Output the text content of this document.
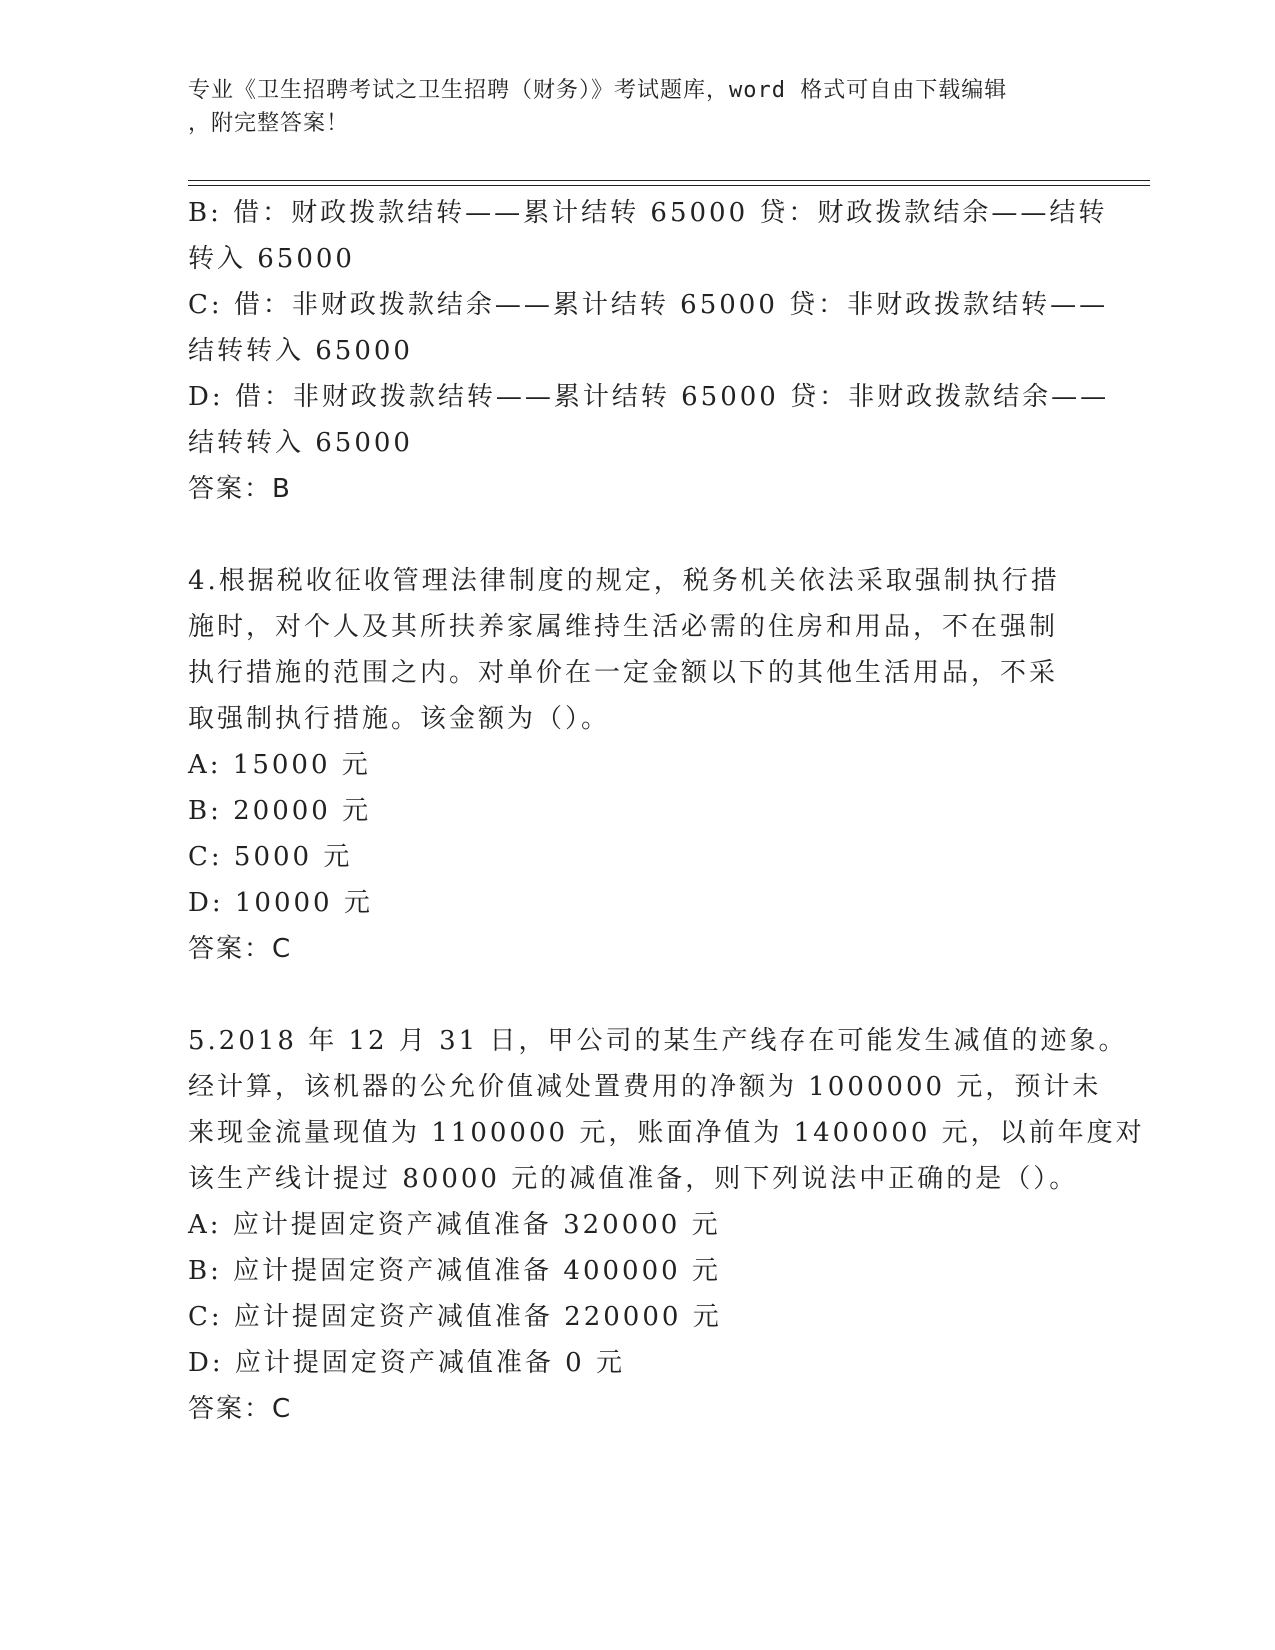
专业《卫生招聘考试之卫生招聘（财务）》考试题库，word 格式可自由下载编辑
，附完整答案！
B: 借：财政拨款结转——累计结转 65000 贷：财政拨款结余——结转
转入 65000
C: 借：非财政拨款结余——累计结转 65000 贷：非财政拨款结转——
结转转入 65000
D: 借：非财政拨款结转——累计结转 65000 贷：非财政拨款结余——
结转转入 65000
答案：B
4.根据税收征收管理法律制度的规定，税务机关依法采取强制执行措
施时，对个人及其所扶养家属维持生活必需的住房和用品，不在强制
执行措施的范围之内。对单价在一定金额以下的其他生活用品，不采
取强制执行措施。该金额为（）。
A: 15000 元
B: 20000 元
C: 5000 元
D: 10000 元
答案：C
5.2018 年 12 月 31 日，甲公司的某生产线存在可能发生减值的迹象。
经计算，该机器的公允价值减处置费用的净额为 1000000 元，预计未
来现金流量现值为 1100000 元，账面净值为 1400000 元，以前年度对
该生产线计提过 80000 元的减值准备，则下列说法中正确的是（）。
A: 应计提固定资产减值准备 320000 元
B: 应计提固定资产减值准备 400000 元
C: 应计提固定资产减值准备 220000 元
D: 应计提固定资产减值准备 0 元
答案：C
